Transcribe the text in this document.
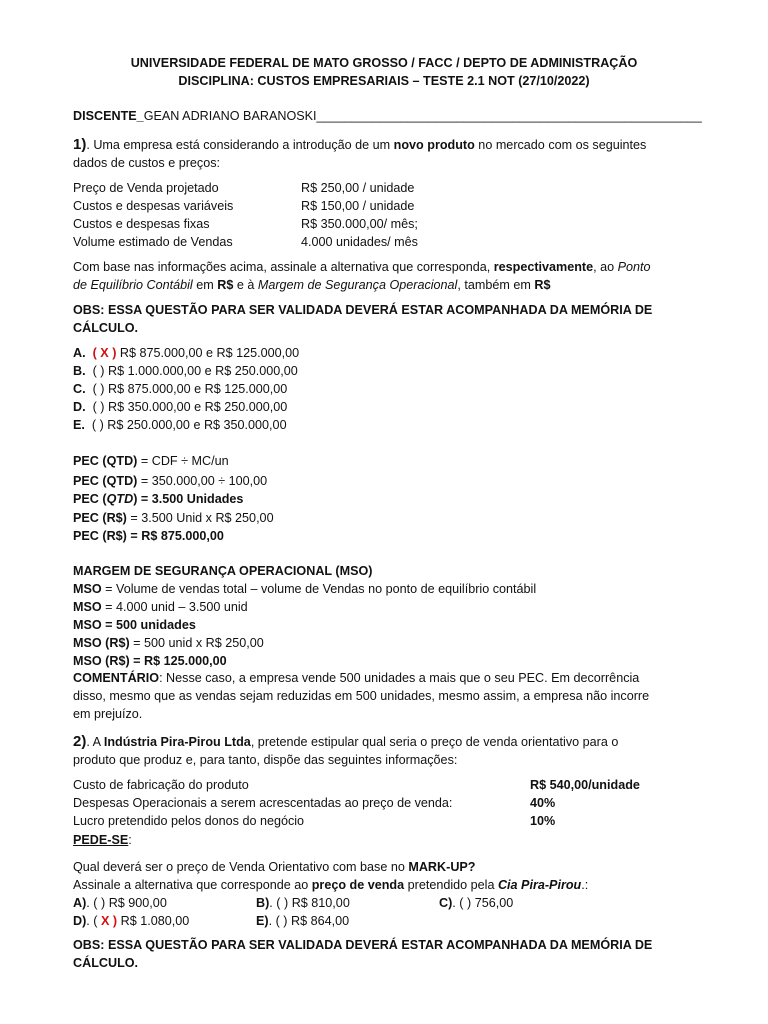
UNIVERSIDADE FEDERAL DE MATO GROSSO / FACC / DEPTO DE ADMINISTRAÇÃO
DISCIPLINA: CUSTOS EMPRESARIAIS – TESTE 2.1 NOT (27/10/2022)
DISCENTE_GEAN ADRIANO BARANOSKI_______________________________________________________
1). Uma empresa está considerando a introdução de um novo produto no mercado com os seguintes
dados de custos e preços:
Preço de Venda projetado	R$ 250,00 / unidade
Custos e despesas variáveis	R$ 150,00 / unidade
Custos e despesas fixas	R$ 350.000,00/ mês;
Volume estimado de Vendas	4.000 unidades/ mês
Com base nas informações acima, assinale a alternativa que corresponda, respectivamente, ao Ponto
de Equilíbrio Contábil em R$ e à Margem de Segurança Operacional, também em R$
OBS: ESSA QUESTÃO PARA SER VALIDADA DEVERÁ ESTAR ACOMPANHADA DA MEMÓRIA DE
CÁLCULO.
A. ( X ) R$ 875.000,00 e R$ 125.000,00
B. ( ) R$ 1.000.000,00 e R$ 250.000,00
C. ( ) R$ 875.000,00 e R$ 125.000,00
D. ( ) R$ 350.000,00 e R$ 250.000,00
E. ( ) R$ 250.000,00 e R$ 350.000,00
PEC (QTD) = CDF ÷ MC/un
PEC (QTD) = 350.000,00 ÷ 100,00
PEC (QTD) = 3.500 Unidades
PEC (R$) = 3.500 Unid x R$ 250,00
PEC (R$) = R$ 875.000,00
MARGEM DE SEGURANÇA OPERACIONAL (MSO)
MSO = Volume de vendas total – volume de Vendas no ponto de equilíbrio contábil
MSO = 4.000 unid – 3.500 unid
MSO = 500 unidades
MSO (R$) = 500 unid x R$ 250,00
MSO (R$) = R$ 125.000,00
COMENTÁRIO: Nesse caso, a empresa vende 500 unidades a mais que o seu PEC. Em decorrência
disso, mesmo que as vendas sejam reduzidas em 500 unidades, mesmo assim, a empresa não incorre
em prejuízo.
2). A Indústria Pira-Pirou Ltda, pretende estipular qual seria o preço de venda orientativo para o
produto que produz e, para tanto, dispõe das seguintes informações:
Custo de fabricação do produto	R$ 540,00/unidade
Despesas Operacionais a serem acrescentadas ao preço de venda:	40%
Lucro pretendido pelos donos do negócio	10%
PEDE-SE:
Qual deverá ser o preço de Venda Orientativo com base no MARK-UP?
Assinale a alternativa que corresponde ao preço de venda pretendido pela Cia Pira-Pirou.:
A). ( ) R$ 900,00	B). ( ) R$ 810,00	C). ( ) 756,00
D). ( X ) R$ 1.080,00	E). ( ) R$ 864,00
OBS: ESSA QUESTÃO PARA SER VALIDADA DEVERÁ ESTAR ACOMPANHADA DA MEMÓRIA DE
CÁLCULO.
